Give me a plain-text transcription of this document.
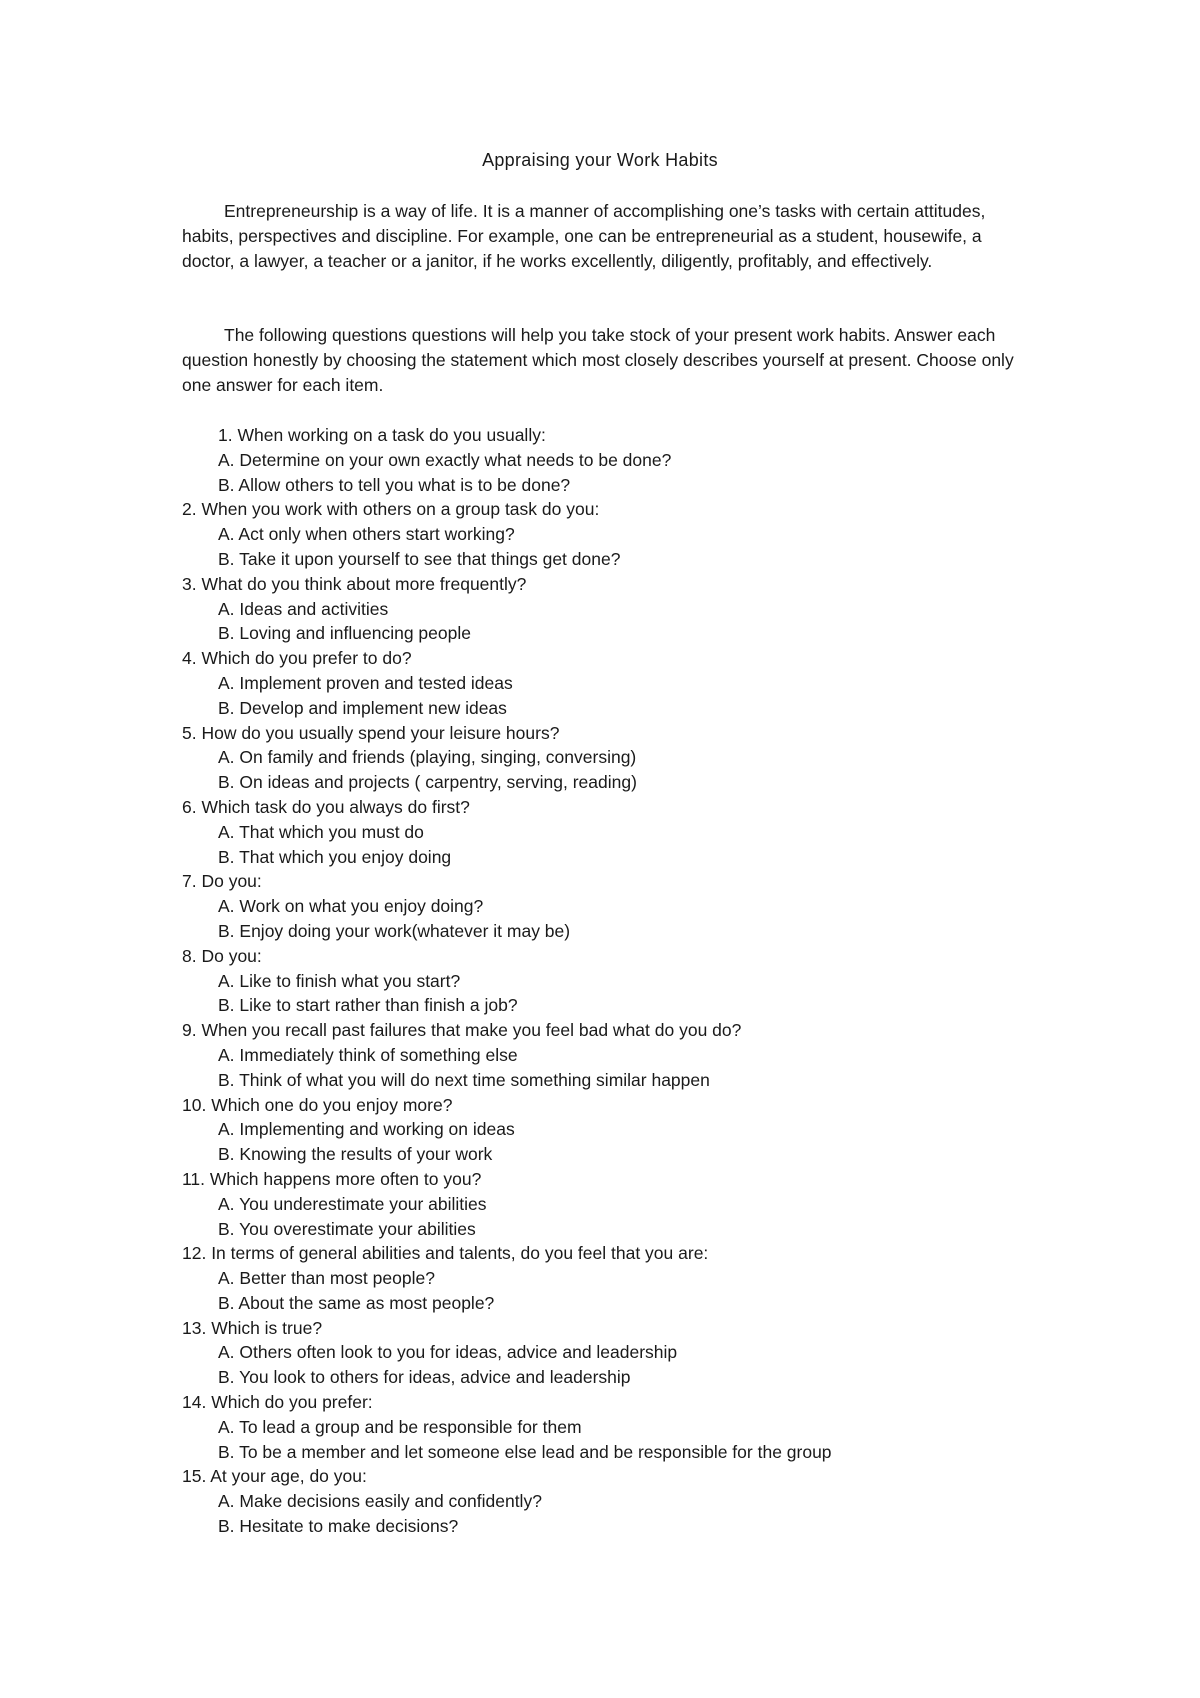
Appraising your Work Habits

Entrepreneurship is a way of life. It is a manner of accomplishing one’s tasks with certain attitudes, habits, perspectives and discipline. For example, one can be entrepreneurial as a student, housewife, a doctor, a lawyer, a teacher or a janitor, if he works excellently, diligently, profitably, and effectively.

The following questions questions will help you take stock of your present work habits. Answer each question honestly by choosing the statement which most closely describes yourself at present. Choose only one answer for each item.

1. When working on a task do you usually:
A. Determine on your own exactly what needs to be done?
B. Allow others to tell you what is to be done?
2. When you work with others on a group task do you:
A. Act only when others start working?
B. Take it upon yourself to see that things get done?
3. What do you think about more frequently?
A. Ideas and activities
B. Loving and influencing people
4. Which do you prefer to do?
A. Implement proven and tested ideas
B. Develop and implement new ideas
5. How do you usually spend your leisure hours?
A. On family and friends (playing, singing, conversing)
B. On ideas and projects ( carpentry, serving, reading)
6. Which task do you always do first?
A. That which you must do
B. That which you enjoy doing
7. Do you:
A. Work on what you enjoy doing?
B. Enjoy doing your work(whatever it may be)
8. Do you:
A. Like to finish what you start?
B. Like to start rather than finish a job?
9. When you recall past failures that make you feel bad what do you do?
A. Immediately think of something else
B. Think of what you will do next time something similar happen
10. Which one do you enjoy more?
A. Implementing and working on ideas
B. Knowing the results of your work
11. Which happens more often to you?
A. You underestimate your abilities
B. You overestimate your abilities
12. In terms of general abilities and talents, do you feel that you are:
A. Better than most people?
B. About the same as most people?
13. Which is true?
A. Others often look to you for ideas, advice and leadership
B. You look to others for ideas, advice and leadership
14. Which do you prefer:
A. To lead a group and be responsible for them
B. To be a member and let someone else lead and be responsible for the group
15. At your age, do you:
A. Make decisions easily and confidently?
B. Hesitate to make decisions?
